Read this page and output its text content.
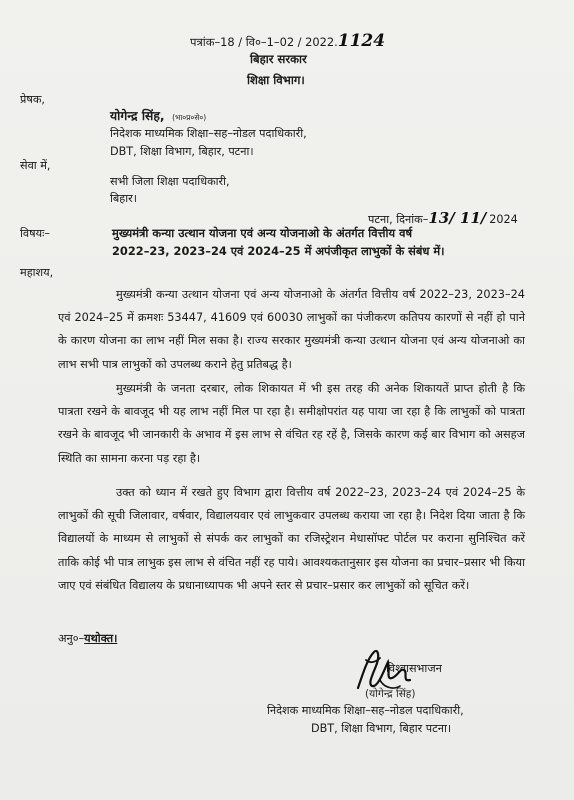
पत्रांक–18 / वि०–1–02 / 2022.1124
बिहार सरकार
शिक्षा विभाग।
प्रेषक,
योगेन्द्र सिंह, (भा०प्र०से०)
निदेशक माध्यमिक शिक्षा–सह–नोडल पदाधिकारी,
DBT, शिक्षा विभाग, बिहार, पटना।
सेवा में,
सभी जिला शिक्षा पदाधिकारी,
बिहार।
पटना, दिनांक–13/ 11/ 2024
विषयः–	मुख्यमंत्री कन्या उत्थान योजना एवं अन्य योजनाओ के अंतर्गत वित्तीय वर्ष
2022–23, 2023–24 एवं 2024–25 में अपंजीकृत लाभुकों के संबंध में।
महाशय,

मुख्यमंत्री कन्या उत्थान योजना एवं अन्य योजनाओ के अंतर्गत वित्तीय वर्ष 2022–23, 2023–24 एवं 2024–25 में क्रमशः 53447, 41609 एवं 60030 लाभुकों का पंजीकरण कतिपय कारणों से नहीं हो पाने के कारण योजना का लाभ नहीं मिल सका है। राज्य सरकार मुख्यमंत्री कन्या उत्थान योजना एवं अन्य योजनाओ का लाभ सभी पात्र लाभुकों को उपलब्ध कराने हेतु प्रतिबद्ध है।

मुख्यमंत्री के जनता दरबार, लोक शिकायत में भी इस तरह की अनेक शिकायतें प्राप्त होती है कि पात्रता रखने के बावजूद भी यह लाभ नहीं मिल पा रहा है। समीक्षोपरांत यह पाया जा रहा है कि लाभुकों को पात्रता रखने के बावजूद भी जानकारी के अभाव में इस लाभ से वंचित रह रहें है, जिसके कारण कई बार विभाग को असहज स्थिति का सामना करना पड़ रहा है।

उक्त को ध्यान में रखते हुए विभाग द्वारा वित्तीय वर्ष 2022–23, 2023–24 एवं 2024–25 के लाभुकों की सूची जिलावार, वर्षवार, विद्यालयवार एवं लाभुकवार उपलब्ध कराया जा रहा है। निदेश दिया जाता है कि विद्यालयों के माध्यम से लाभुकों से संपर्क कर लाभुकों का रजिस्ट्रेशन मेधासॉफ्ट पोर्टल पर कराना सुनिश्चित करें ताकि कोई भी पात्र लाभुक इस लाभ से वंचित नहीं रह पाये। आवश्यकतानुसार इस योजना का प्रचार–प्रसार भी किया जाए एवं संबंधित विद्यालय के प्रधानाध्यापक भी अपने स्तर से प्रचार–प्रसार कर लाभुकों को सूचित करें।

अनु०–यथोक्त।
विश्वासभाजन
(योगेन्द्र सिंह)
निदेशक माध्यमिक शिक्षा–सह–नोडल पदाधिकारी,
DBT, शिक्षा विभाग, बिहार पटना।
